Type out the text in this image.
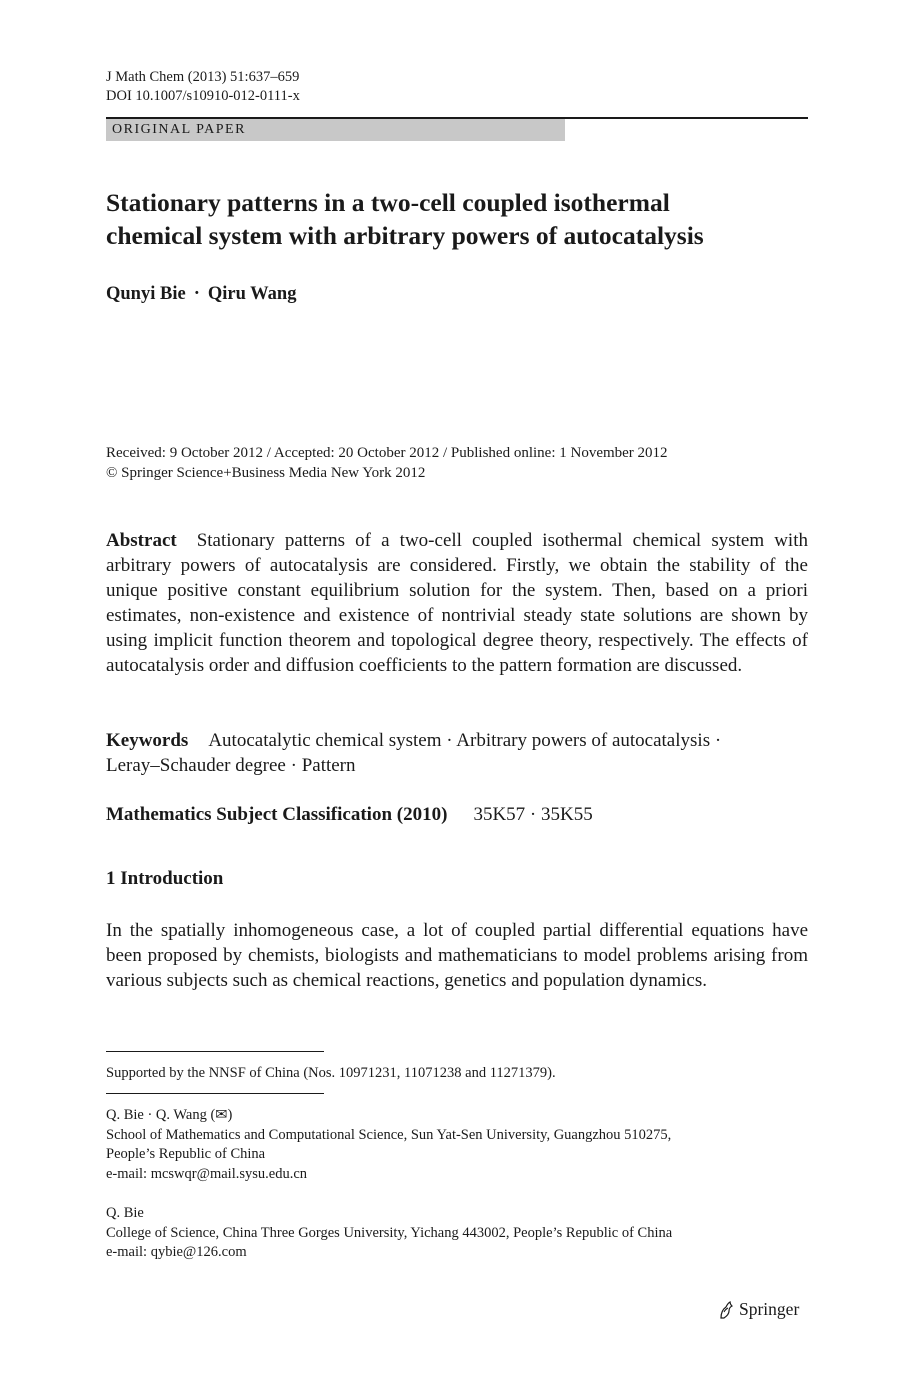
J Math Chem (2013) 51:637–659
DOI 10.1007/s10910-012-0111-x
ORIGINAL PAPER
Stationary patterns in a two-cell coupled isothermal
chemical system with arbitrary powers of autocatalysis
Qunyi Bie · Qiru Wang
Received: 9 October 2012 / Accepted: 20 October 2012 / Published online: 1 November 2012
© Springer Science+Business Media New York 2012
Abstract Stationary patterns of a two-cell coupled isothermal chemical system with arbitrary powers of autocatalysis are considered. Firstly, we obtain the stability of the unique positive constant equilibrium solution for the system. Then, based on a priori estimates, non-existence and existence of nontrivial steady state solutions are shown by using implicit function theorem and topological degree theory, respectively. The effects of autocatalysis order and diffusion coefficients to the pattern formation are discussed.
Keywords Autocatalytic chemical system · Arbitrary powers of autocatalysis ·
Leray–Schauder degree · Pattern
Mathematics Subject Classification (2010) 35K57 · 35K55
1 Introduction
In the spatially inhomogeneous case, a lot of coupled partial differential equations have been proposed by chemists, biologists and mathematicians to model problems arising from various subjects such as chemical reactions, genetics and population dynamics.
Supported by the NNSF of China (Nos. 10971231, 11071238 and 11271379).
Q. Bie · Q. Wang (✉)
School of Mathematics and Computational Science, Sun Yat-Sen University, Guangzhou 510275,
People’s Republic of China
e-mail: mcswqr@mail.sysu.edu.cn
Q. Bie
College of Science, China Three Gorges University, Yichang 443002, People’s Republic of China
e-mail: qybie@126.com
Springer
